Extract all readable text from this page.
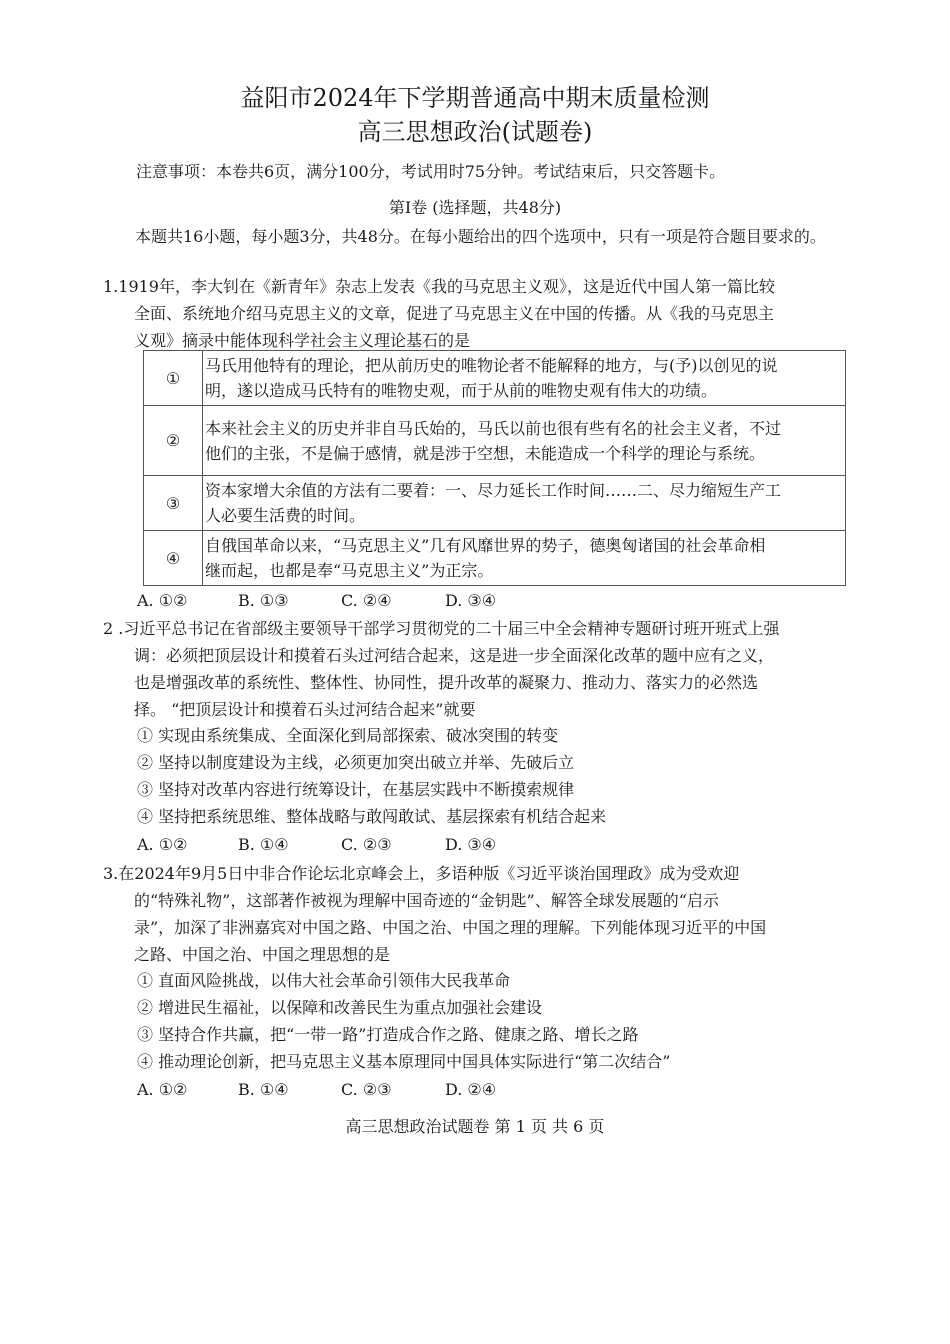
益阳市2024年下学期普通高中期末质量检测
高三思想政治(试题卷)
注意事项：本卷共6页，满分100分，考试用时75分钟。考试结束后，只交答题卡。
第Ⅰ卷 (选择题，共48分)
本题共16小题，每小题3分，共48分。在每小题给出的四个选项中，只有一项是符合题目要求的。
1.1919年，李大钊在《新青年》杂志上发表《我的马克思主义观》，这是近代中国人第一篇比较
全面、系统地介绍马克思主义的文章，促进了马克思主义在中国的传播。从《我的马克思主
义观》摘录中能体现科学社会主义理论基石的是
①	马氏用他特有的理论，把从前历史的唯物论者不能解释的地方，与(予)以创见的说
明，遂以造成马氏特有的唯物史观，而于从前的唯物史观有伟大的功绩。

②	本来社会主义的历史并非自马氏始的，马氏以前也很有些有名的社会主义者，不过
他们的主张，不是偏于感情，就是涉于空想，未能造成一个科学的理论与系统。

③	资本家增大余值的方法有二要着：一、尽力延长工作时间……二、尽力缩短生产工
人必要生活费的时间。

④	自俄国革命以来，“马克思主义”几有风靡世界的势子，德奥匈诸国的社会革命相
继而起，也都是奉“马克思主义”为正宗。
A. ①②	B. ①③	C. ②④	D. ③④
2 .习近平总书记在省部级主要领导干部学习贯彻党的二十届三中全会精神专题研讨班开班式上强
调：必须把顶层设计和摸着石头过河结合起来，这是进一步全面深化改革的题中应有之义，
也是增强改革的系统性、整体性、协同性，提升改革的凝聚力、推动力、落实力的必然选
择。 “把顶层设计和摸着石头过河结合起来”就要
① 实现由系统集成、全面深化到局部探索、破冰突围的转变
② 坚持以制度建设为主线，必须更加突出破立并举、先破后立
③ 坚持对改革内容进行统筹设计，在基层实践中不断摸索规律
④ 坚持把系统思维、整体战略与敢闯敢试、基层探索有机结合起来
A. ①②	B. ①④	C. ②③	D. ③④
3.在2024年9月5日中非合作论坛北京峰会上，多语种版《习近平谈治国理政》成为受欢迎
的“特殊礼物”，这部著作被视为理解中国奇迹的“金钥匙”、解答全球发展题的“启示
录”，加深了非洲嘉宾对中国之路、中国之治、中国之理的理解。下列能体现习近平的中国
之路、中国之治、中国之理思想的是
① 直面风险挑战，以伟大社会革命引领伟大民我革命
② 增进民生福祉，以保障和改善民生为重点加强社会建设
③ 坚持合作共赢，把“一带一路”打造成合作之路、健康之路、增长之路
④ 推动理论创新，把马克思主义基本原理同中国具体实际进行“第二次结合”
A. ①②	B. ①④	C. ②③	D. ②④
高三思想政治试题卷 第 1 页 共 6 页
